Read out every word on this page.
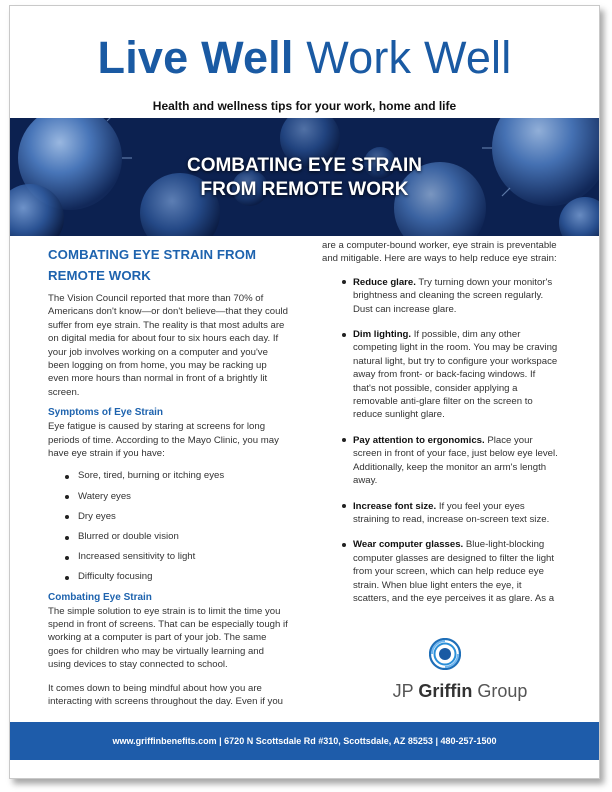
Live Well Work Well
Health and wellness tips for your work, home and life
COMBATING EYE STRAIN
FROM REMOTE WORK
COMBATING EYE STRAIN FROM
REMOTE WORK

The Vision Council reported that more than 70% of Americans don't know—or don't believe—that they could suffer from eye strain. The reality is that most adults are on digital media for about four to six hours each day. If your job involves working on a computer and you've been logging on from home, you may be racking up even more hours than normal in front of a brightly lit screen.

Symptoms of Eye Strain

Eye fatigue is caused by staring at screens for long periods of time. According to the Mayo Clinic, you may have eye strain if you have:

Sore, tired, burning or itching eyes
Watery eyes
Dry eyes
Blurred or double vision
Increased sensitivity to light
Difficulty focusing
Combating Eye Strain

The simple solution to eye strain is to limit the time you spend in front of screens. That can be especially tough if working at a computer is part of your job. The same goes for children who may be virtually learning and using devices to stay connected to school.

It comes down to being mindful about how you are interacting with screens throughout the day. Even if you

are a computer-bound worker, eye strain is preventable and mitigable. Here are ways to help reduce eye strain:

Reduce glare. Try turning down your monitor's brightness and cleaning the screen regularly. Dust can increase glare.
Dim lighting. If possible, dim any other competing light in the room. You may be craving natural light, but try to configure your workspace away from front- or back-facing windows. If that's not possible, consider applying a removable anti-glare filter on the screen to reduce sunlight glare.
Pay attention to ergonomics. Place your screen in front of your face, just below eye level. Additionally, keep the monitor an arm's length away.
Increase font size. If you feel your eyes straining to read, increase on-screen text size.
Wear computer glasses. Blue-light-blocking computer glasses are designed to filter the light from your screen, which can help reduce eye strain. When blue light enters the eye, it scatters, and the eye perceives it as glare. As a
JP Griffin Group
www.griffinbenefits.com | 6720 N Scottsdale Rd #310, Scottsdale, AZ 85253 | 480-257-1500
